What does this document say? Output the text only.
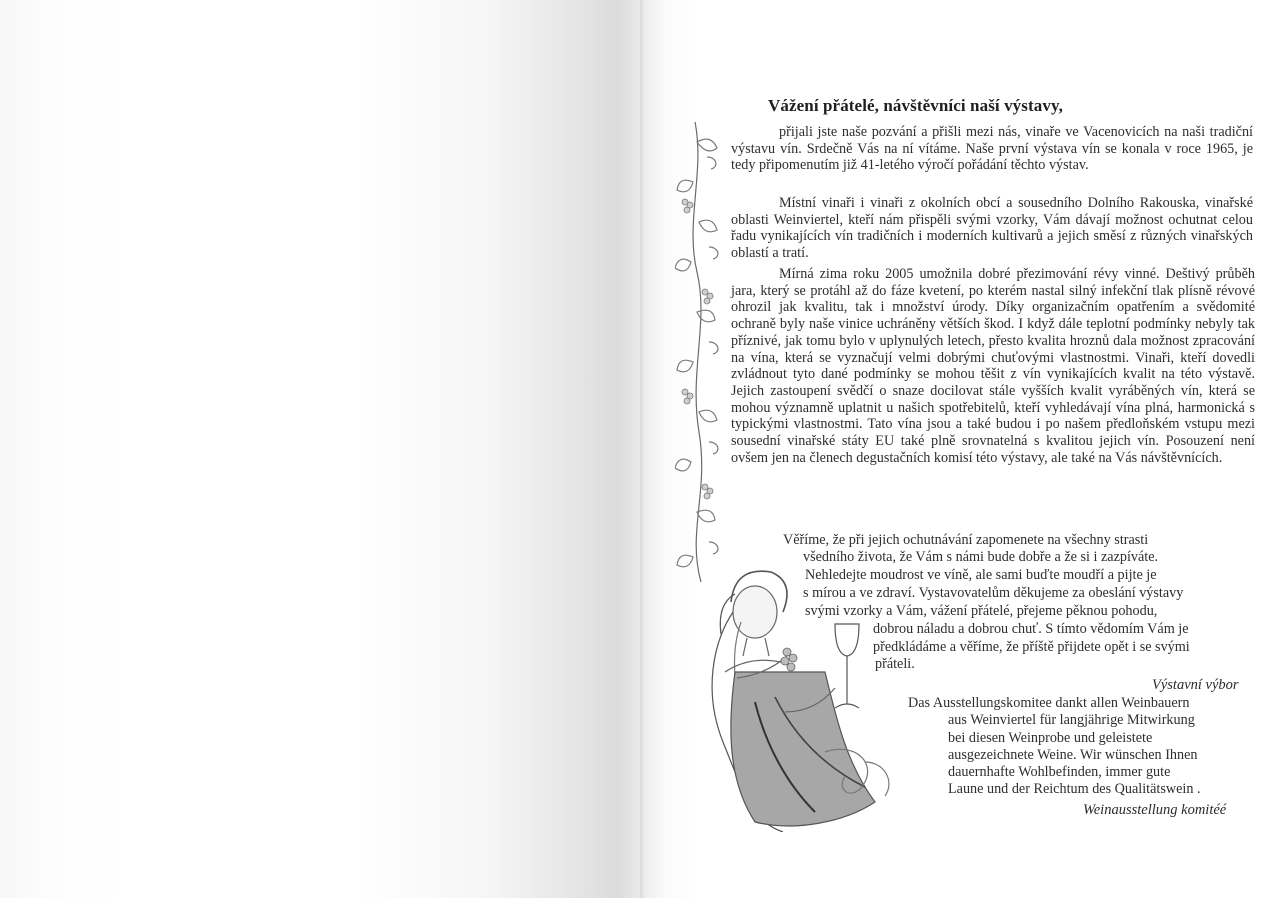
Vážení přátelé, návštěvníci naší výstavy,

přijali jste naše pozvání a přišli mezi nás, vinaře ve Vacenovicích na naši tradiční výstavu vín. Srdečně Vás na ní vítáme. Naše první výstava vín se konala v roce 1965, je tedy připomenutím již 41-letého výročí pořádání těchto výstav.

Místní vinaři i vinaři z okolních obcí a sousedního Dolního Rakouska, vinařské oblasti Weinviertel, kteří nám přispěli svými vzorky, Vám dávají možnost ochutnat celou řadu vynikajících vín tradičních i moderních kultivarů a jejich směsí z různých vinařských oblastí a tratí.

Mírná zima roku 2005 umožnila dobré přezimování révy vinné. Deštivý průběh jara, který se protáhl až do fáze kvetení, po kterém nastal silný infekční tlak plísně révové ohrozil jak kvalitu, tak i množství úrody. Díky organizačním opatřením a svědomité ochraně byly naše vinice uchráněny větších škod. I když dále teplotní podmínky nebyly tak příznivé, jak tomu bylo v uplynulých letech, přesto kvalita hroznů dala možnost zpracování na vína, která se vyznačují velmi dobrými chuťovými vlastnostmi. Vinaři, kteří dovedli zvládnout tyto dané podmínky se mohou těšit z vín vynikajících kvalit na této výstavě. Jejich zastoupení svědčí o snaze docilovat stále vyšších kvalit vyráběných vín, která se mohou významně uplatnit u našich spotřebitelů, kteří vyhledávají vína plná, harmonická s typickými vlastnostmi. Tato vína jsou a také budou i po našem předloňském vstupu mezi sousední vinařské státy EU také plně srovnatelná s kvalitou jejich vín. Posouzení není ovšem jen na členech degustačních komisí této výstavy, ale také na Vás návštěvnících.

Věříme, že při jejich ochutnávání zapomenete na všechny strasti
všedního života, že Vám s námi bude dobře a že si i zazpíváte.
Nehledejte moudrost ve víně, ale sami buďte moudří a pijte je
s mírou a ve zdraví. Vystavovatelům děkujeme za obeslání výstavy
svými vzorky a Vám, vážení přátelé, přejeme pěknou pohodu,
dobrou náladu a dobrou chuť. S tímto vědomím Vám je
předkládáme a věříme, že příště přijdete opět i se svými
přáteli.
Výstavní výbor
Das Ausstellungskomitee dankt allen Weinbauern
aus Weinviertel für langjährige Mitwirkung
bei diesen Weinprobe und geleistete
ausgezeichnete Weine. Wir wünschen Ihnen
dauernhafte Wohlbefinden, immer gute
Laune und der Reichtum des Qualitätswein .
Weinausstellung komitéé
